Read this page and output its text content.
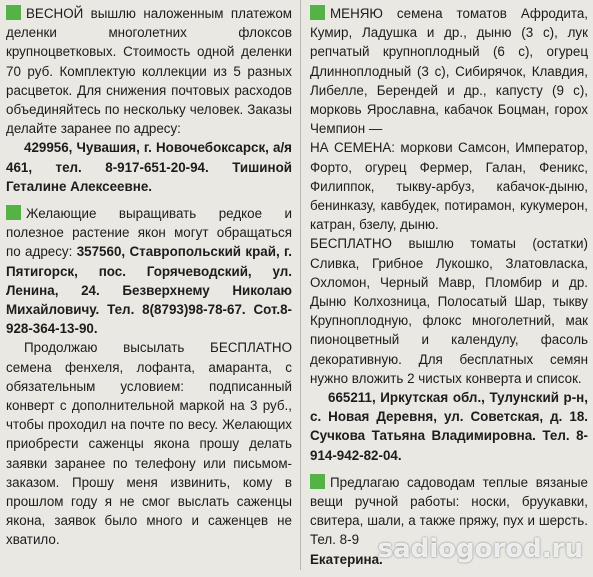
ВЕСНОЙ вышлю наложенным платежом деленки многолетних флоксов крупноцветковых. Стоимость одной деленки 70 руб. Комплектую коллекции из 5 разных расцветок. Для снижения почтовых расходов объединяйтесь по нескольку человек. Заказы делайте заранее по адресу:

429956, Чувашия, г. Новочебоксарск, а/я 461, тел. 8-917-651-20-94. Тишиной Геталине Алексеевне.

Желающие выращивать редкое и полезное растение якон могут обращаться по адресу: 357560, Ставропольский край, г. Пятигорск, пос. Горячеводский, ул. Ленина, 24. Безверхнему Николаю Михайловичу. Тел. 8(8793)98-78-67. Сот.8-928-364-13-90.

Продолжаю высылать БЕСПЛАТНО семена фенхеля, лофанта, амаранта, с обязательным условием: подписанный конверт с дополнительной маркой на 3 руб., чтобы проходил на почте по весу. Желающих приобрести саженцы якона прошу делать заявки заранее по телефону или письмом-заказом. Прошу меня извинить, кому в прошлом году я не смог выслать саженцы якона, заявок было много и саженцев не хватило.

МЕНЯЮ семена томатов Афродита, Кумир, Ладушка и др., дыню (3 с), лук репчатый крупноплодный (6 с), огурец Длинноплодный (3 с), Сибирячок, Клавдия, Либелле, Берендей и др., капусту (9 с), морковь Ярославна, кабачок Боцман, горох Чемпион —

НА СЕМЕНА: моркови Самсон, Император, Форто, огурец Фермер, Галан, Феникс, Филиппок, тыкву-арбуз, кабачок-дыню, бенинказу, кавбудек, потирамон, кукумерон, катран, бзелу, дыню.

БЕСПЛАТНО вышлю томаты (остатки) Сливка, Грибное Лукошко, Златовласка, Охломон, Черный Мавр, Пломбир и др. Дыню Колхозница, Полосатый Шар, тыкву Крупноплодную, флокс многолетний, мак пионоцветный и календулу, фасоль декоративную. Для бесплатных семян нужно вложить 2 чистых конверта и список.

665211, Иркутская обл., Тулунский р-н, с. Новая Деревня, ул. Советская, д. 18. Сучкова Татьяна Владимировна. Тел. 8-914-942-82-04.

Предлагаю садоводам теплые вязаные вещи ручной работы: носки, бруукавки, свитера, шали, а также пряжу, пух и шерсть. Тел. 8-9

Екатерина.

sadiogorod.ru
